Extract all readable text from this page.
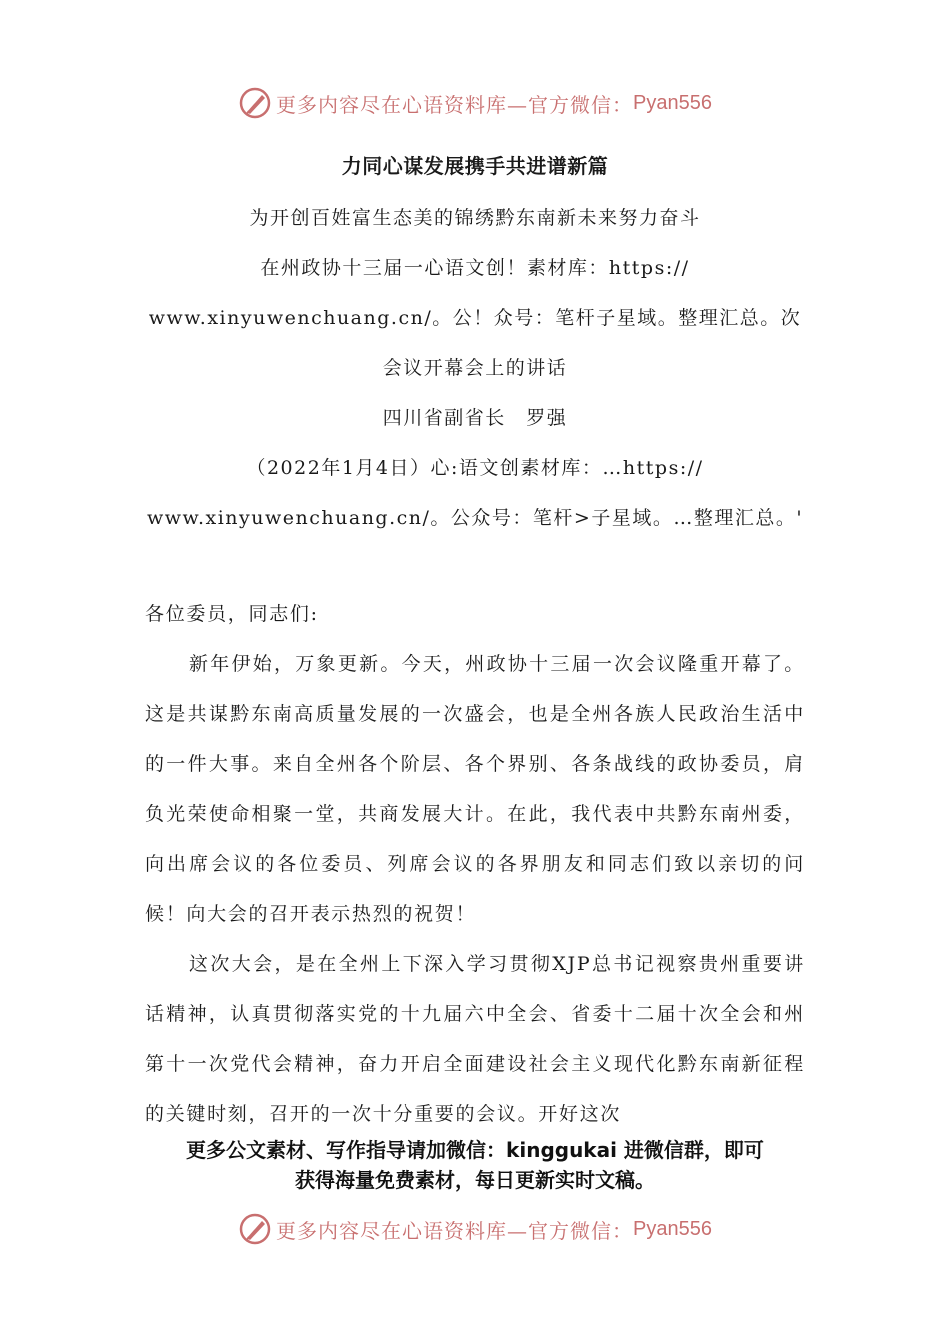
更多内容尽在心语资料库—官方微信： Pyan556
力同心谋发展携手共进谱新篇
为开创百姓富生态美的锦绣黔东南新未来努力奋斗
在州政协十三届一心语文创！素材库：https://
www.xinyuwenchuang.cn/。公！众号：笔杆子星域。整理汇总。次
会议开幕会上的讲话
四川省副省长　罗强
（2022年1月4日）心:语文创素材库：…https://
www.xinyuwenchuang.cn/。公众号：笔杆>子星域。…整理汇总。'

各位委员，同志们:

新年伊始，万象更新。今天，州政协十三届一次会议隆重开幕了。这是共谋黔东南高质量发展的一次盛会，也是全州各族人民政治生活中的一件大事。来自全州各个阶层、各个界别、各条战线的政协委员，肩负光荣使命相聚一堂，共商发展大计。在此，我代表中共黔东南州委，向出席会议的各位委员、列席会议的各界朋友和同志们致以亲切的问候！向大会的召开表示热烈的祝贺！

这次大会，是在全州上下深入学习贯彻XJP总书记视察贵州重要讲话精神，认真贯彻落实党的十九届六中全会、省委十二届十次全会和州第十一次党代会精神，奋力开启全面建设社会主义现代化黔东南新征程的关键时刻，召开的一次十分重要的会议。开好这次

更多公文素材、写作指导请加微信：kinggukai 进微信群，即可
获得海量免费素材，每日更新实时文稿。
更多内容尽在心语资料库—官方微信： Pyan556
